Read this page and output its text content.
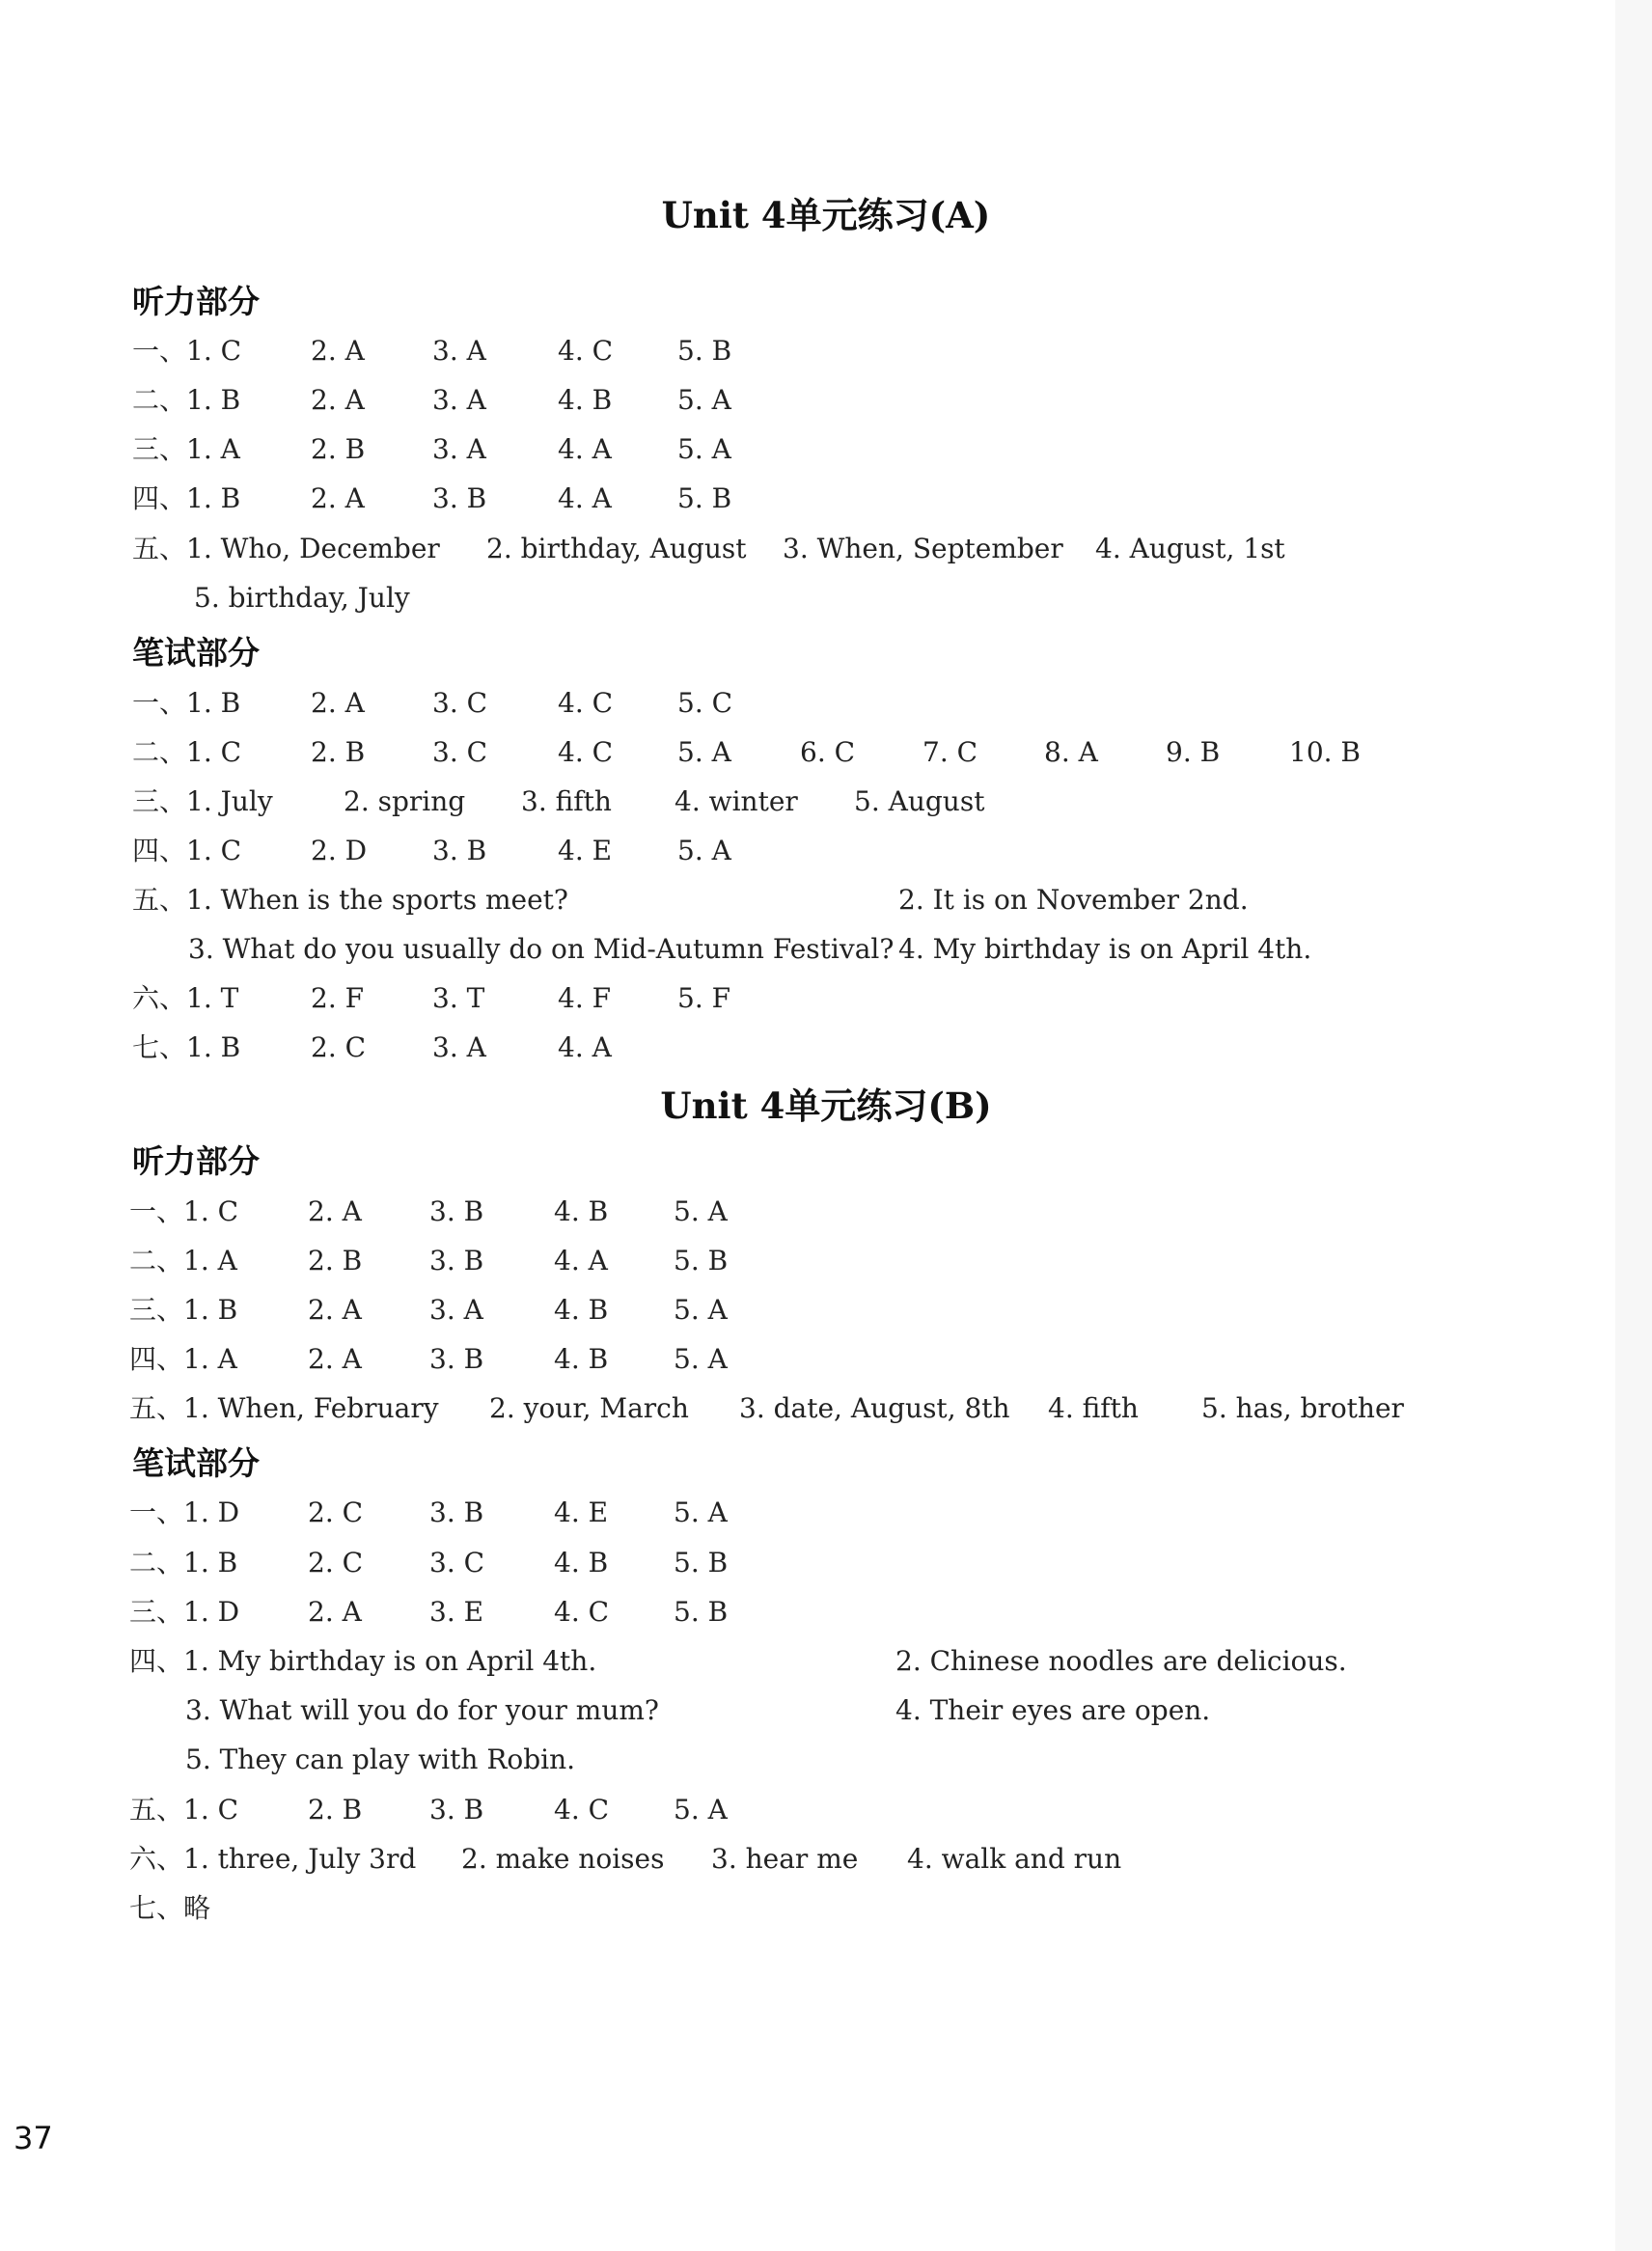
Unit 4单元练习(A)
听力部分
一、1. C	2. A	3. A	4. C 5. B
二、1. B	2. A	3. A	4. B 5. A
三、1. A	2. B 3. A	4. A 5. A
四、1. B	2. A	3. B	4. A 5. B
五、1. Who, December 2. birthday, August 3. When, September 4. August, 1st
5. birthday, July
笔试部分
一、1. B	2. A	3. C	4. C 5. C
二、1. C	2. B 3. C	4. C 5. A	6. C 7. C 8. A	9. B	10. B
三、1. July	2. spring 3. fifth 4. winter 5. August
四、1. C	2. D 3. B	4. E 5. A
五、1. When is the sports meet?	2. It is on November 2nd.
3. What do you usually do on Mid-Autumn Festival? 4. My birthday is on April 4th.
六、1. T	2. F	3. T	4. F 5. F
七、1. B	2. C 3. A	4. A
Unit 4单元练习(B)
听力部分
一、1. C	2. A	3. B	4. B 5. A
二、1. A	2. B 3. B	4. A 5. B
三、1. B	2. A	3. A	4. B 5. A
四、1. A	2. A	3. B	4. B 5. A
五、1. When, February 2. your, March 3. date, August, 8th 4. fifth 5. has, brother
笔试部分
一、1. D	2. C 3. B	4. E 5. A
二、1. B	2. C 3. C	4. B 5. B
三、1. D	2. A	3. E	4. C 5. B
四、1. My birthday is on April 4th.	2. Chinese noodles are delicious.
3. What will you do for your mum?	4. Their eyes are open.
5. They can play with Robin.
五、1. C	2. B 3. B	4. C 5. A
六、1. three, July 3rd 2. make noises 3. hear me 4. walk and run
七、略
37
